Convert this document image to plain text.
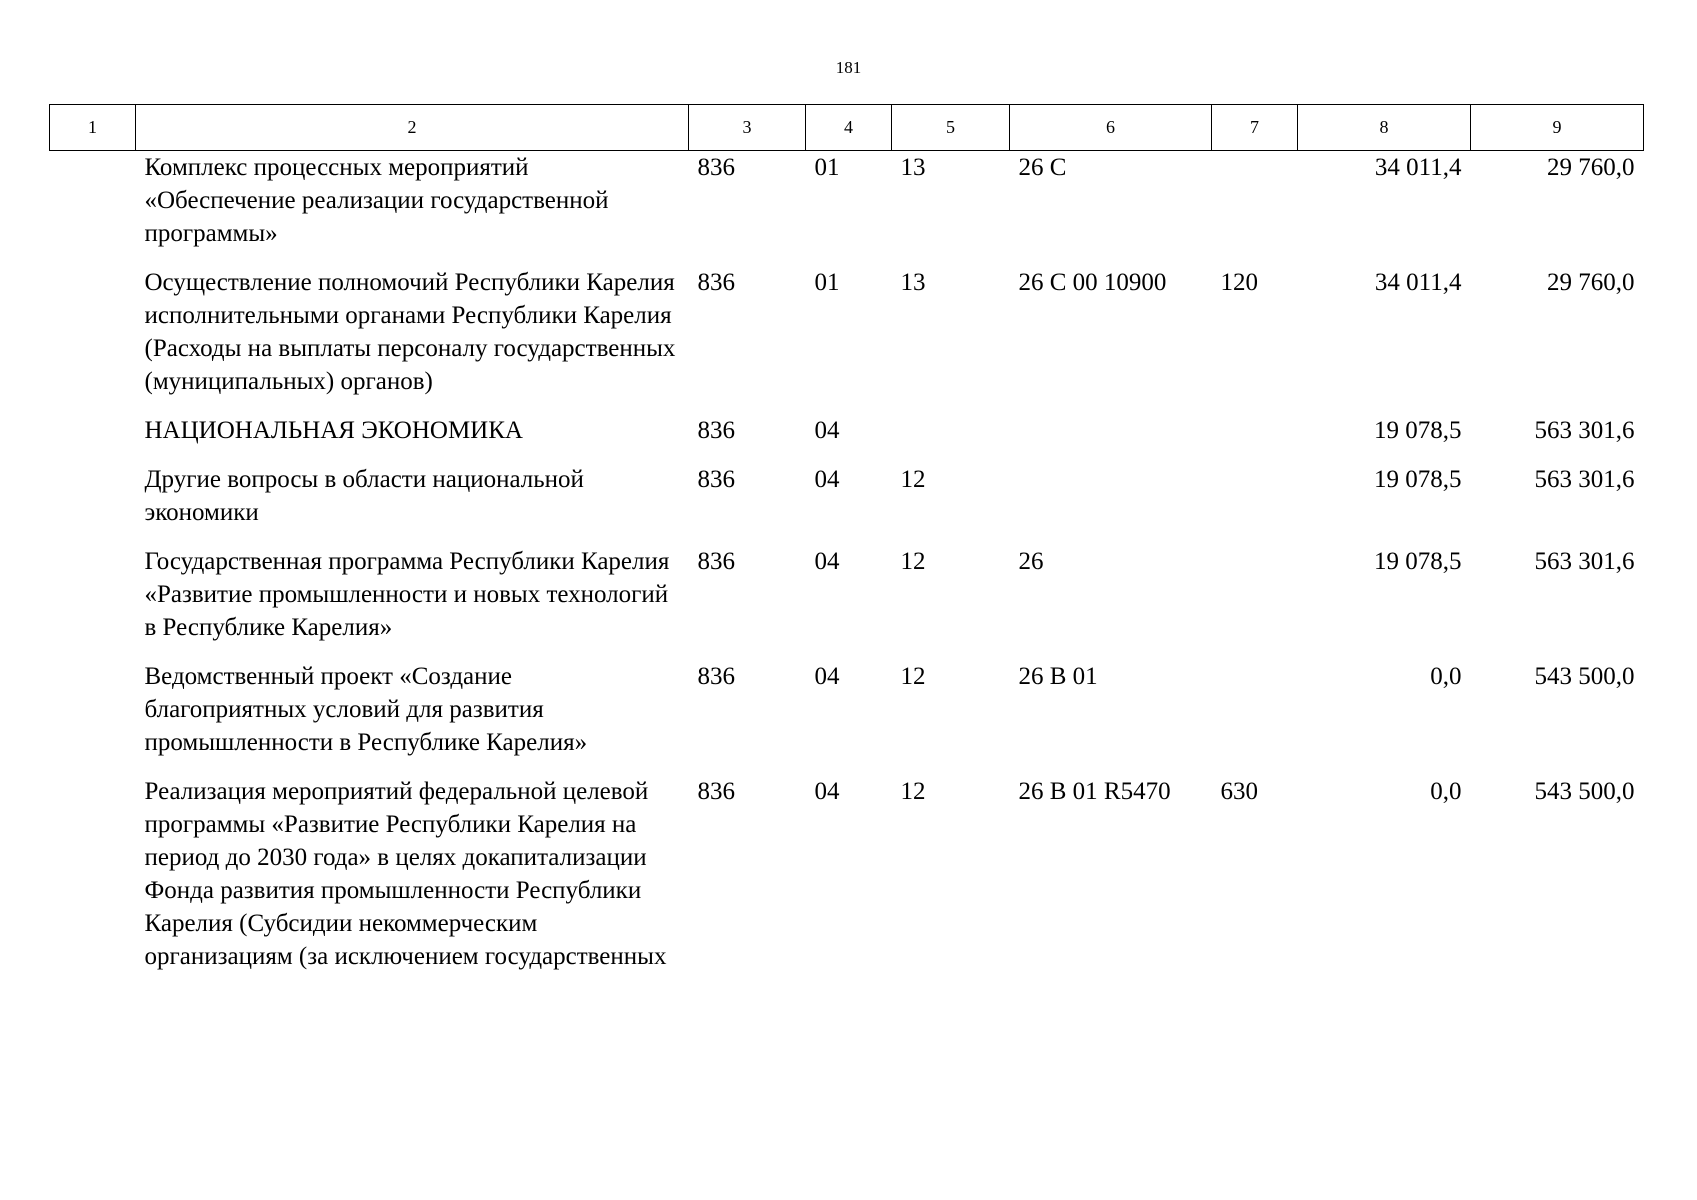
181
1	2	3	4	5	6	7	8	9
	Комплекс процессных мероприятий «Обеспечение реализации государственной программы»	836	01	13	26 С		34 011,4	29 760,0
	Осуществление полномочий Республики Карелия исполнительными органами Республики Карелия (Расходы на выплаты персоналу государственных (муниципальных) органов)	836	01	13	26 С 00 10900	120	34 011,4	29 760,0
	НАЦИОНАЛЬНАЯ ЭКОНОМИКА	836	04				19 078,5	563 301,6
	Другие вопросы в области национальной экономики	836	04	12			19 078,5	563 301,6
	Государственная программа Республики Карелия «Развитие промышленности и новых технологий в Республике Карелия»	836	04	12	26		19 078,5	563 301,6
	Ведомственный проект «Создание благоприятных условий для развития промышленности в Республике Карелия»	836	04	12	26 В 01		0,0	543 500,0
	Реализация мероприятий федеральной целевой программы «Развитие Республики Карелия на период до 2030 года» в целях докапитализации Фонда развития промышленности Республики Карелия (Субсидии некоммерческим организациям (за исключением государственных	836	04	12	26 В 01 R5470	630	0,0	543 500,0
